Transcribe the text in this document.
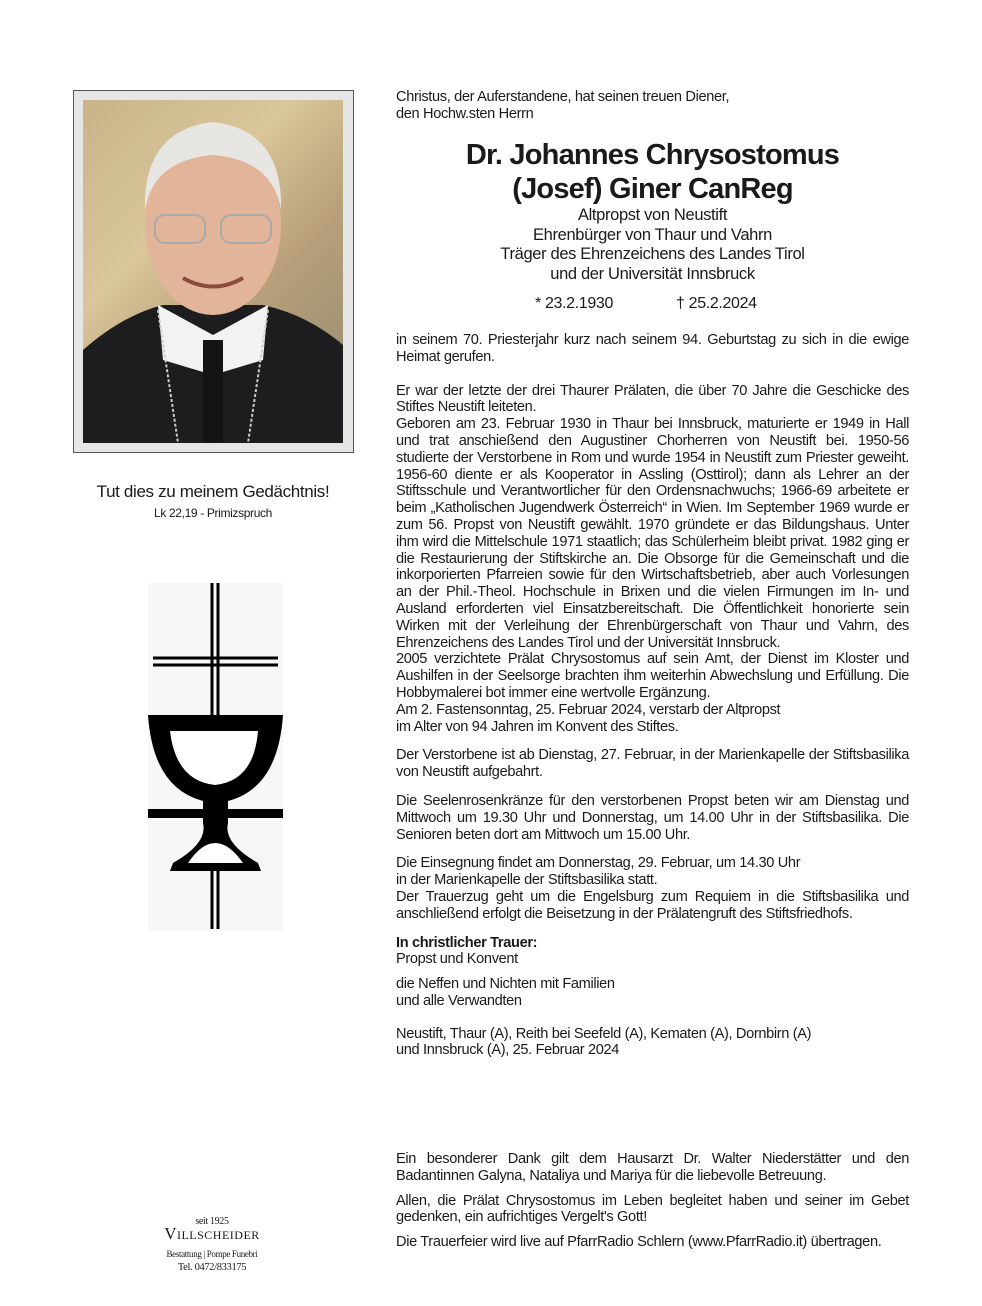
Tut dies zu meinem Gedächtnis!
Lk 22,19 - Primizspruch
seit 1925
Villscheider
Bestattung | Pompe Funebri
Tel. 0472/833175
Christus, der Auferstandene, hat seinen treuen Diener,
den Hochw.sten Herrn
Dr. Johannes Chrysostomus
(Josef) Giner CanReg
Altpropst von Neustift
Ehrenbürger von Thaur und Vahrn
Träger des Ehrenzeichens des Landes Tirol
und der Universität Innsbruck
* 23.2.1930	† 25.2.2024

in seinem 70. Priesterjahr kurz nach seinem 94. Geburtstag zu sich in die ewige Heimat gerufen.

Er war der letzte der drei Thaurer Prälaten, die über 70 Jahre die Geschicke des Stiftes Neustift leiteten.

Geboren am 23. Februar 1930 in Thaur bei Innsbruck, maturierte er 1949 in Hall und trat anschießend den Augustiner Chorherren von Neustift bei. 1950-56 studierte der Verstorbene in Rom und wurde 1954 in Neustift zum Priester geweiht. 1956-60 diente er als Kooperator in Assling (Osttirol); dann als Lehrer an der Stiftsschule und Verantwortlicher für den Ordensnachwuchs; 1966-69 arbeitete er beim „Katholischen Jugendwerk Österreich“ in Wien. Im September 1969 wurde er zum 56. Propst von Neustift gewählt. 1970 gründete er das Bildungshaus. Unter ihm wird die Mittelschule 1971 staatlich; das Schülerheim bleibt privat. 1982 ging er die Restaurierung der Stiftskirche an. Die Obsorge für die Gemeinschaft und die inkorporierten Pfarreien sowie für den Wirtschaftsbetrieb, aber auch Vorlesungen an der Phil.-Theol. Hochschule in Brixen und die vielen Firmungen im In- und Ausland erforderten viel Einsatzbereitschaft. Die Öffentlichkeit honorierte sein Wirken mit der Verleihung der Ehrenbürgerschaft von Thaur und Vahrn, des Ehrenzeichens des Landes Tirol und der Universität Innsbruck.

2005 verzichtete Prälat Chrysostomus auf sein Amt, der Dienst im Kloster und Aushilfen in der Seelsorge brachten ihm weiterhin Abwechslung und Erfüllung. Die Hobbymalerei bot immer eine wertvolle Ergänzung.

Am 2. Fastensonntag, 25. Februar 2024, verstarb der Altpropst

im Alter von 94 Jahren im Konvent des Stiftes.

Der Verstorbene ist ab Dienstag, 27. Februar, in der Marienkapelle der Stiftsbasilika von Neustift aufgebahrt.

Die Seelenrosenkränze für den verstorbenen Propst beten wir am Dienstag und Mittwoch um 19.30 Uhr und Donnerstag, um 14.00 Uhr in der Stiftsbasilika. Die Senioren beten dort am Mittwoch um 15.00 Uhr.

Die Einsegnung findet am Donnerstag, 29. Februar, um 14.30 Uhr

in der Marienkapelle der Stiftsbasilika statt.

Der Trauerzug geht um die Engelsburg zum Requiem in die Stiftsbasilika und anschließend erfolgt die Beisetzung in der Prälatengruft des Stiftsfriedhofs.

In christlicher Trauer:

Propst und Konvent

die Neffen und Nichten mit Familien

und alle Verwandten

Neustift, Thaur (A), Reith bei Seefeld (A), Kematen (A), Dornbirn (A)

und Innsbruck (A), 25. Februar 2024

Ein besonderer Dank gilt dem Hausarzt Dr. Walter Niederstätter und den Badantinnen Galyna, Nataliya und Mariya für die liebevolle Betreuung.

Allen, die Prälat Chrysostomus im Leben begleitet haben und seiner im Gebet gedenken, ein aufrichtiges Vergelt's Gott!

Die Trauerfeier wird live auf PfarrRadio Schlern (www.PfarrRadio.it) übertragen.
